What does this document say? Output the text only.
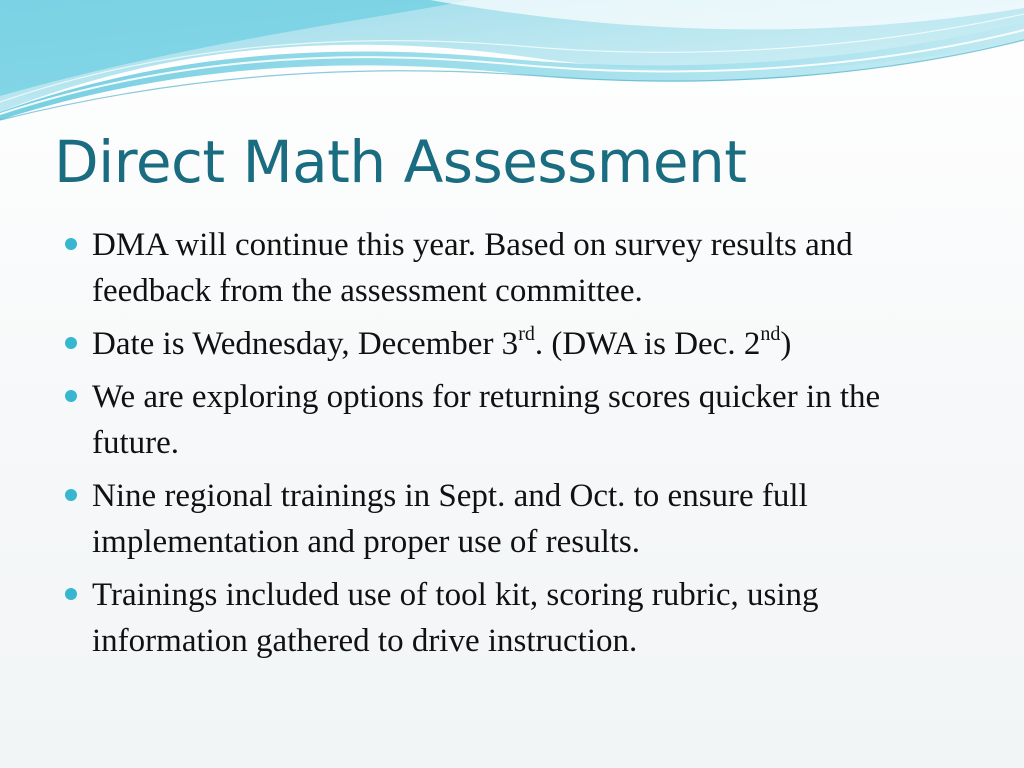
Direct Math Assessment
DMA will continue this year. Based on survey results and feedback from the assessment committee.
Date is Wednesday, December 3rd. (DWA is Dec. 2nd)
We are exploring options for returning scores quicker in the future.
Nine regional trainings in Sept. and Oct. to ensure full implementation and proper use of results.
Trainings included use of tool kit, scoring rubric, using information gathered to drive instruction.
